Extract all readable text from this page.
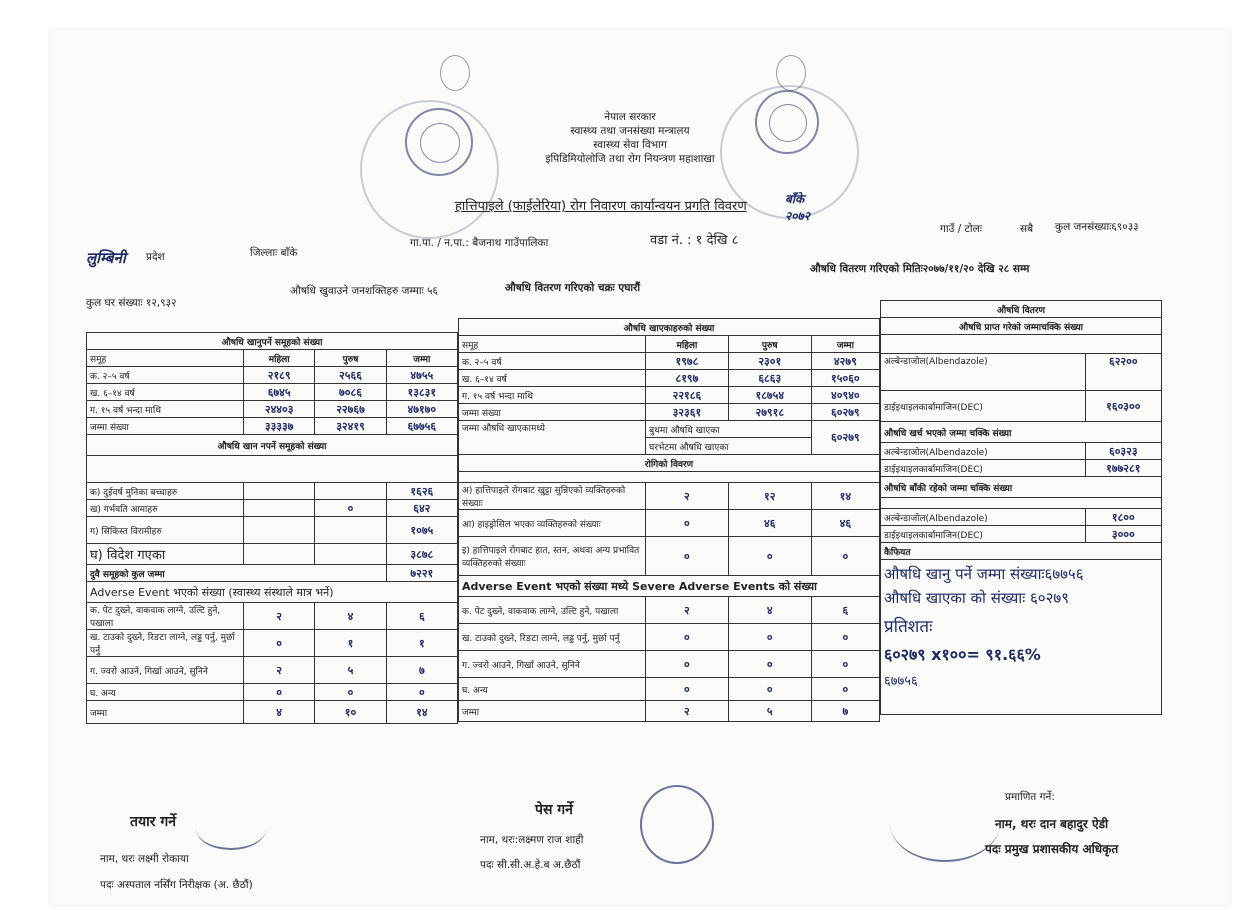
बाँके २०७२
नेपाल सरकार
स्वास्थ्य तथा जनसंख्या मन्त्रालय
स्वास्थ्य सेवा विभाग
इपिडिमियोलोजि तथा रोग नियन्त्रण महाशाखा
हात्तिपाइले (फाईलेरिया) रोग निवारण कार्यान्वयन प्रगति विवरण
लुम्बिनी प्रदेश	जिल्लाः बाँके
गा.पा. / न.पा.: बैजनाथ गाउँपालिका	वडा नं. : १ देखि ८
गाउँ / टोलः	सबै कुल जनसंख्याः६९०३३
कुल घर संख्याः १२,९३२
औषधि खुवाउने जनशक्तिहरु जम्माः ५६	औषधि वितरण गरिएको चक्रः एघारौं
औषधि वितरण गरिएको मितिः२०७७/११/२० देखि २८ सम्म
औषधि खानुपर्ने समूहको संख्या			
समूह	महिला	पुरुष	जम्मा
क. २–५ वर्ष	२१८९	२५६६	४७५५
ख. ६–१४ वर्ष	६७४५	७०८६	१३८३१
ग. १५ वर्ष भन्दा माथि	२४४०३	२२७६७	४७१७०
जम्मा संख्या	३३३३७	३२४१९	६७७५६
औषधि खान नपर्ने समूहको संख्या			

क) दुईवर्ष मुनिका बच्चाहरु			१६२६
ख) गर्भवति आमाहरु		०	६४२
ग) सिकिस्त विरामीहरु			१०७५
घ) विदेश गएका			३८७८
दुवै समूहको कुल जम्मा			७२२१
Adverse Event भएको संख्या (स्वास्थ्य संस्थाले मात्र भर्ने)			
क. पेट दुख्ने, वाकवाक लाग्ने, उल्टि हुने, पखाला	२	४	६
ख. टाउको दुख्ने, रिङटा लाग्ने, लड्ड पर्नु, मुर्छा पर्नु	०	१	१
ग. ज्वरो आउने, गिर्खा आउने, सुनिने	२	५	७
घ. अन्य	०	०	०
जम्मा	४	१०	१४
औषधि खाएकाहरुको संख्या			
समूह	महिला	पुरुष	जम्मा
क. २–५ वर्ष	१९७८	२३०१	४२७९
ख. ६–१४ वर्ष	८१९७	६८६३	१५०६०
ग. १५ वर्ष भन्दा माथि	२२१८६	१८७५४	४०९४०
जम्मा संख्या	३२३६१	२७९१८	६०२७९
जम्मा औषधि खाएकामध्ये	बुथमा औषधि खाएका		६०२७९
	घरभेटमा औषधि खाएका		
रोगिको विवरण			

अ) हात्तिपाइले रोगबाट खुट्टा सुन्निएको व्यक्तिहरुको संख्याः	२	१२	१४
आ) हाइड्रोसिल भएका व्यक्तिहरुको संख्याः	०	४६	४६
इ) हात्तिपाइले रोगबाट हात, स्तन, अथवा अन्य प्रभावित व्यक्तिहरुको संख्याः	०	०	०
Adverse Event भएको संख्या मध्ये Severe Adverse Events को संख्या			
क. पेट दुख्ने, वाकवाक लाग्ने, उल्टि हुने, पखाला	२	४	६
ख. टाउको दुख्ने, रिङटा लाग्ने, लड्ड पर्नु, मुर्छा पर्नु	०	०	०
ग. ज्वरो आउने, गिर्खा आउने, सुनिने	०	०	०
घ. अन्य	०	०	०
जम्मा	२	५	७
औषधि वितरण	
औषधि प्राप्त गरेको जम्माचक्कि संख्या	

अल्बेन्डाजोल(Albendazole)	६२२००
डाईइथाइलकार्बामाजिन(DEC)	१६०३००
औषधि खर्च भएको जम्मा चक्कि संख्या	
अल्बेन्डाजोल(Albendazole)	६०३२३
डाईइथाइलकार्बामाजिन(DEC)	१७७२८१
औषधि बाँकी रहेको जम्मा चक्कि संख्या	

अल्बेन्डाजोल(Albendazole)	१८००
डाईइथाइलकार्बामाजिन(DEC)	३०००
कैफियत	

औषधि खानु पर्ने जम्मा संख्याः६७७५६
औषधि खाएका को संख्याः ६०२७९
प्रतिशतः
६०२७९ x१००= ९१.६६%
६७७५६	
तयार गर्ने
नाम, थरः लक्ष्मी रोकाया
पदः अस्पताल नर्सिंग निरीक्षक (अ. छैठौं)
पेस गर्ने
नाम, थरः:लक्ष्मण राज शाही
पदः सी.सी.अ.हे.ब अ.छैठौं
प्रमाणित गर्ने:
नाम, थरः दान बहादुर ऐडी
पदः प्रमुख प्रशासकीय अधिकृत
